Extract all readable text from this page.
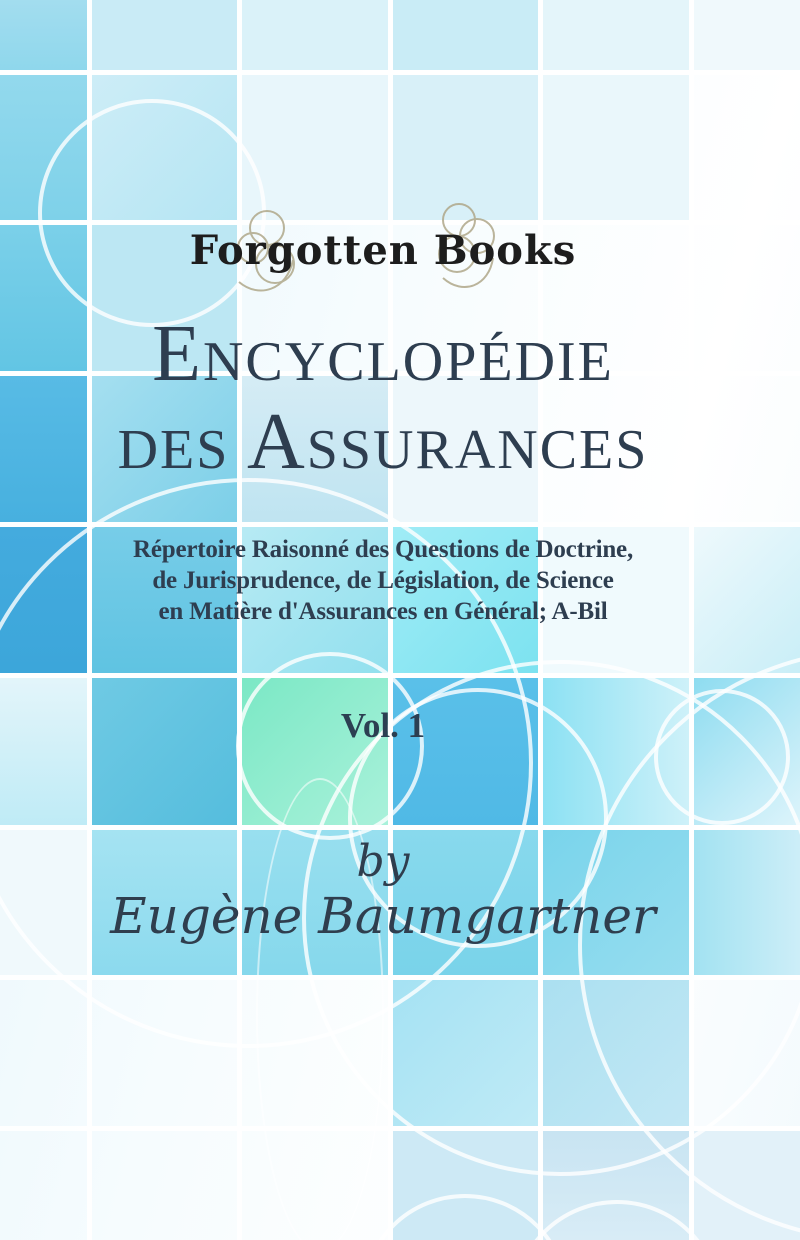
Forgotten Books
Encyclopédie
des Assurances
Répertoire Raisonné des Questions de Doctrine,
de Jurisprudence, de Législation, de Science
en Matière d'Assurances en Général; A-Bil
Vol. 1
by
Eugène Baumgartner
